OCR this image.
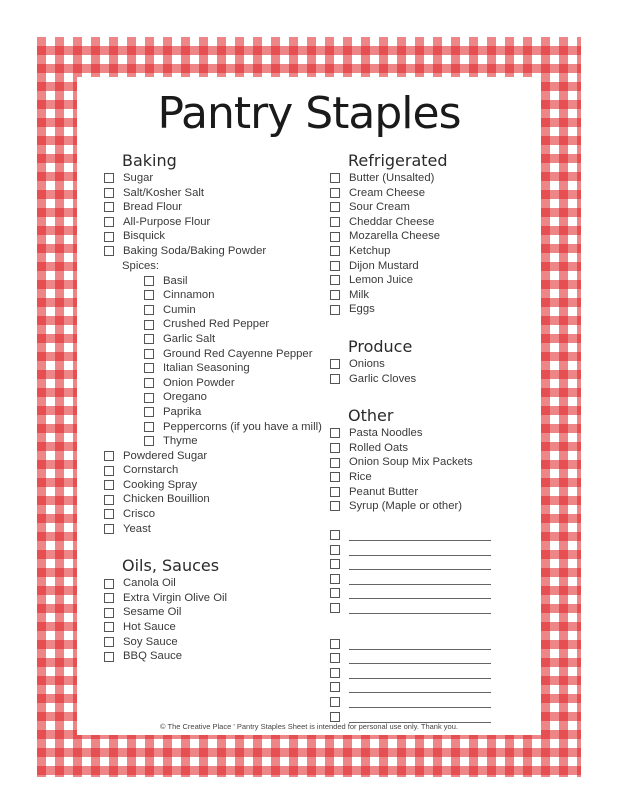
Pantry Staples
Baking
Sugar
Salt/Kosher Salt
Bread Flour
All-Purpose Flour
Bisquick
Baking Soda/Baking Powder
Spices:
Basil
Cinnamon
Cumin
Crushed Red Pepper
Garlic Salt
Ground Red Cayenne Pepper
Italian Seasoning
Onion Powder
Oregano
Paprika
Peppercorns (if you have a mill)
Thyme
Powdered Sugar
Cornstarch
Cooking Spray
Chicken Bouillion
Crisco
Yeast
Oils, Sauces
Canola Oil
Extra Virgin Olive Oil
Sesame Oil
Hot Sauce
Soy Sauce
BBQ Sauce
Refrigerated
Butter (Unsalted)
Cream Cheese
Sour Cream
Cheddar Cheese
Mozarella Cheese
Ketchup
Dijon Mustard
Lemon Juice
Milk
Eggs
Produce
Onions
Garlic Cloves
Other
Pasta Noodles
Rolled Oats
Onion Soup Mix Packets
Rice
Peanut Butter
Syrup (Maple or other)
© The Creative Place ' Pantry Staples Sheet is intended for personal use only. Thank you.
